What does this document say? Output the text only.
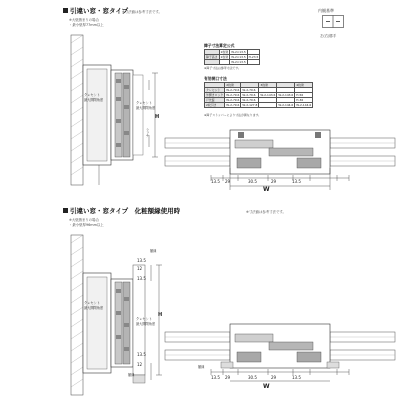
引違い窓・窓タイプ
※寸法値は参考寸法です。
※大壁納まりの場合
・最小壁厚77mm以上
内観基準
左(右)勝手
クレセント
最大開閉角度
クレセント
最大開閉角度
H
ラッチ
障子寸法算定公式
	2枚建	W-2×13.5	
障子高さ	2枚建	W-2×13.5	H-23.5
		W-2×13.5	
※障子寸法は参考寸法です。
有効開口寸法
	2枚建		3枚建		4枚建
クレセント	W-2-79.6	W-2-79.6			
外開きロック	W-2-79.6	W-2-79.6	W-2-143.6	W-2-143.6	H-56
戸先錠	W-2-79.6	W-2-79.6			H-36
2枚引き	W-2-79.6	W-2-127.8		W-2-144.6	W-2-144.6
※障子ストッパーにより寸法が異なります。
13.5 29	30.5	29	13.5
W
引違い窓・窓タイプ　化粧額縁使用時	※寸法値は参考寸法です。
※大壁納まりの場合
・最小壁厚96mm以上
額縁
13.5
12
13.5
クレセント
最大開閉角度
クレセント
最大開閉角度
H
13.5
12
額縁
額縁
13.5 29	30.5	29	13.5
W
